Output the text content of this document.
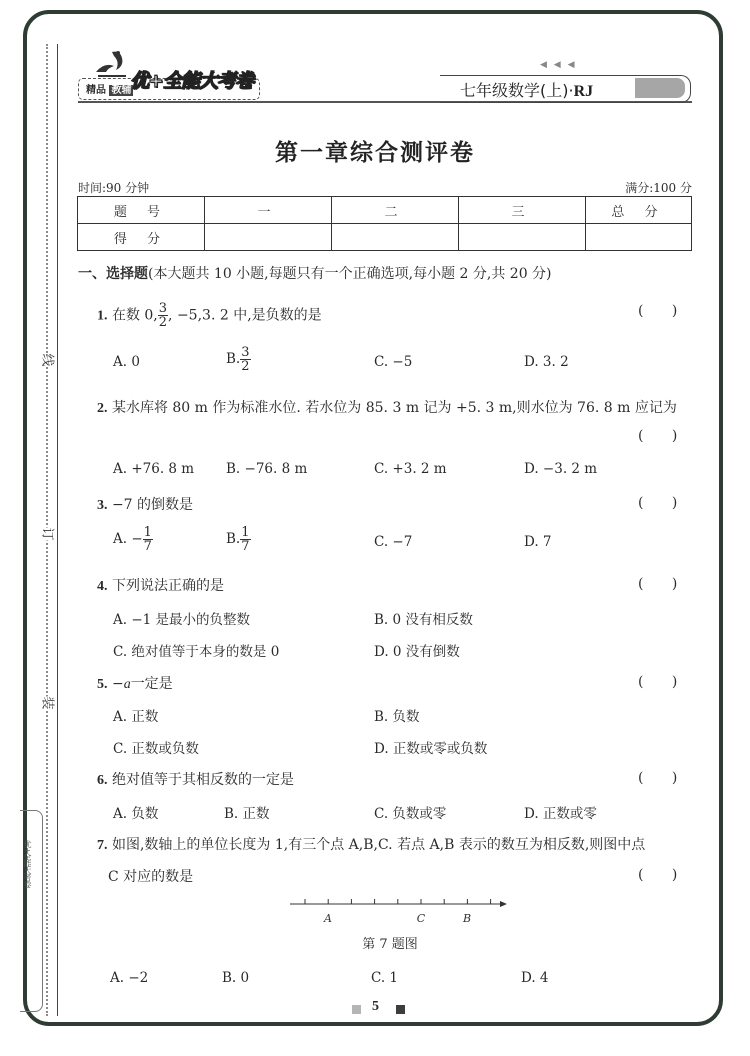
优+全能大考卷
线
订
装
精品 教辅
优+全能大考卷
◀ ◀ ◀
七年级数学(上)·RJ
第一章综合测评卷
时间:90 分钟	满分:100 分
题 号	一	二	三	总 分
得 分				
一、选择题(本大题共 10 小题,每题只有一个正确选项,每小题 2 分,共 20 分)
1. 在数 0, $\frac{3}{2}$ , −5,3. 2 中,是负数的是	( )
A. 0	B. $\frac{3}{2}$	C. −5	D. 3. 2
2. 某水库将 80 m 作为标准水位. 若水位为 85. 3 m 记为 +5. 3 m,则水位为 76. 8 m 应记为
( )
A. +76. 8 m B. −76. 8 m	C. +3. 2 m	D. −3. 2 m
3. −7 的倒数是	( )
A. − $\frac{1}{7}$	B. $\frac{1}{7}$	C. −7	D. 7
4. 下列说法正确的是	( )
A. −1 是最小的负整数	B. 0 没有相反数
C. 绝对值等于本身的数是 0	D. 0 没有倒数
5. −a一定是	( )
A. 正数	B. 负数
C. 正数或负数	D. 正数或零或负数
6. 绝对值等于其相反数的一定是	( )
A. 负数	B. 正数	C. 负数或零	D. 正数或零
7. 如图,数轴上的单位长度为 1,有三个点 A,B,C. 若点 A,B 表示的数互为相反数,则图中点
C 对应的数是	( )
A	C	B
第 7 题图
A. −2	B. 0	C. 1	D. 4
5
